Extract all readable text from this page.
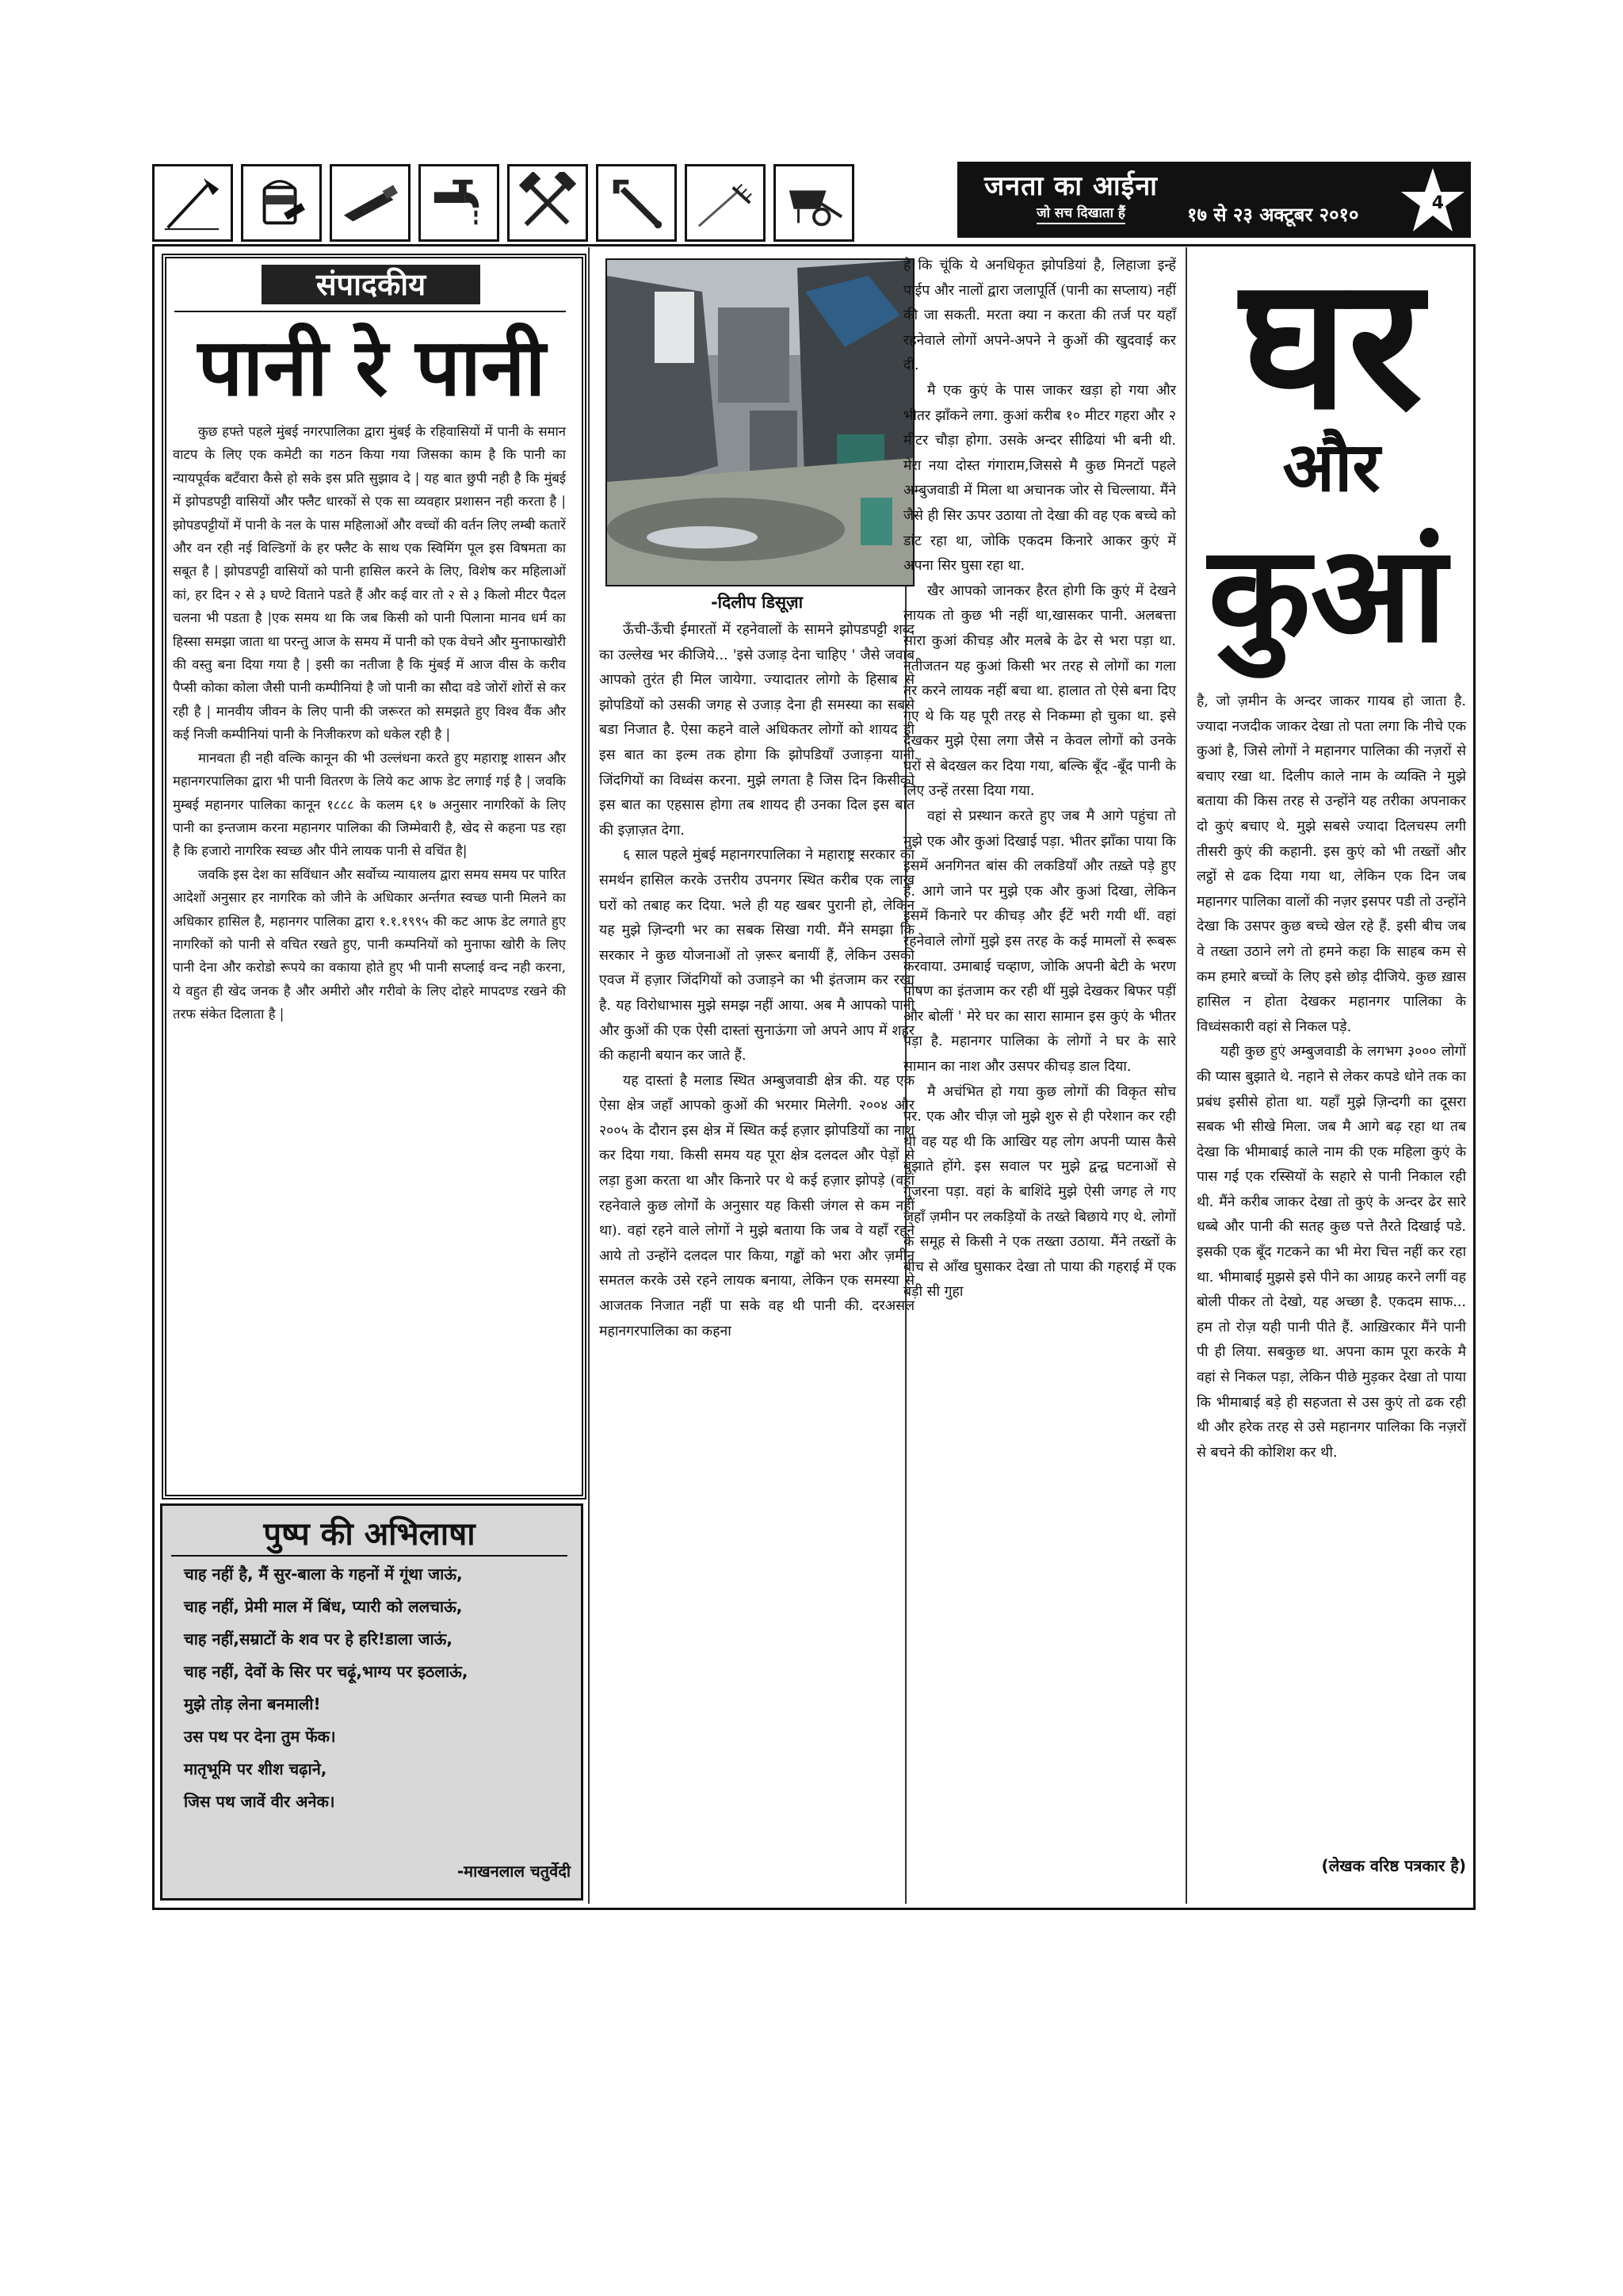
जनता का आईना
जो सच दिखाता हैं	१७ से २३ अक्टूबर २०१०
4
संपादकीय
पानी रे पानी

कुछ हफ्ते पहले मुंबई नगरपालिका द्वारा मुंबई के रहिवासियों में पानी के समान वाटप के लिए एक कमेटी का गठन किया गया जिसका काम है कि पानी का न्यायपूर्वक बटँवारा कैसे हो सके इस प्रति सुझाव दे | यह बात छुपी नही है कि मुंबई में झोपडपट्टी वासियों और फ्लैट धारकों से एक सा व्यवहार प्रशासन नही करता है | झोपडपट्टीयों में पानी के नल के पास महिलाओं और वच्चों की वर्तन लिए लम्बी कतारें और वन रही नई विल्डिगों के हर फ्लैट के साथ एक स्विमिंग पूल इस विषमता का सबूत है | झोपडपट्टी वासियों को पानी हासिल करने के लिए, विशेष कर महिलाओं कां, हर दिन २ से ३ घण्टे विताने पडते हैं और कई वार तो २ से ३ किलो मीटर पैदल चलना भी पडता है |एक समय था कि जब किसी को पानी पिलाना मानव धर्म का हिस्सा समझा जाता था परन्तु आज के समय में पानी को एक वेचने और मुनाफाखोरी की वस्तु बना दिया गया है | इसी का नतीजा है कि मुंबई में आज वीस के करीव पैप्सी कोका कोला जैसी पानी कम्पीनियां है जो पानी का सौदा वडे जोरों शोरों से कर रही है | मानवीय जीवन के लिए पानी की जरूरत को समझते हुए विश्व वैंक और कई निजी कम्पीनियां पानी के निजीकरण को धकेल रही है |

मानवता ही नही वल्कि कानून की भी उल्लंधना करते हुए महाराष्ट्र शासन और महानगरपालिका द्वारा भी पानी वितरण के लिये कट आफ डेट लगाई गई है | जवकि मुम्बई महानगर पालिका कानून १८८८ के कलम ६१ ७ अनुसार नागरिकों के लिए पानी का इन्तजाम करना महानगर पालिका की जिम्मेवारी है, खेद से कहना पड रहा है कि हजारो नागरिक स्वच्छ और पीने लायक पानी से वचिंत है|

जवकि इस देश का सविंधान और सर्वोच्य न्यायालय द्वारा समय समय पर पारित आदेशों अनुसार हर नागरिक को जीने के अधिकार अर्न्तगत स्वच्छ पानी मिलने का अधिकार हासिल है, महानगर पालिका द्वारा १.१.१९९५ की कट आफ डेट लगाते हुए नागरिकों को पानी से वचित रखते हुए, पानी कम्पनियों को मुनाफा खोरी के लिए पानी देना और करोडो रूपये का वकाया होते हुए भी पानी सप्लाई वन्द नही करना, ये वहुत ही खेद जनक है और अमीरो और गरीवो के लिए दोहरे मापदण्ड रखने की तरफ संकेत दिलाता है |

पुष्प की अभिलाषा
चाह नहीं है, मैं सुर-बाला के गहनों में गूंथा जाऊं,
चाह नहीं, प्रेमी माल में बिंध, प्यारी को ललचाऊं,
चाह नहीं,सम्राटों के शव पर हे हरि!डाला जाऊं,
चाह नहीं, देवों के सिर पर चढ़ूं,भाग्य पर इठलाऊं,
मुझे तोड़ लेना बनमाली!
उस पथ पर देना तुम फेंक।
मातृभूमि पर शीश चढ़ाने,
जिस पथ जावें वीर अनेक।
-माखनलाल चतुर्वेदी
-दिलीप डिसूज़ा

ऊँची-ऊँची ईमारतों में रहनेवालों के सामने झोपडपट्टी शब्द का उल्लेख भर कीजिये... 'इसे उजाड़ देना चाहिए ' जैसे जवाब आपको तुरंत ही मिल जायेगा. ज्यादातर लोगो के हिसाब से झोपडियों को उसकी जगह से उजाड़ देना ही समस्या का सबसे बडा निजात है. ऐसा कहने वाले अधिकतर लोगों को शायद ही इस बात का इल्म तक होगा कि झोपडियाँ उजाड़ना यानी जिंदगियों का विध्वंस करना. मुझे लगता है जिस दिन किसीको इस बात का एहसास होगा तब शायद ही उनका दिल इस बात की इज़ाज़त देगा.

६ साल पहले मुंबई महानगरपालिका ने महाराष्ट्र सरकार का समर्थन हासिल करके उत्तरीय उपनगर स्थित करीब एक लाख घरों को तबाह कर दिया. भले ही यह खबर पुरानी हो, लेकिन यह मुझे ज़िन्दगी भर का सबक सिखा गयी. मैंने समझा कि सरकार ने कुछ योजनाओं तो ज़रूर बनायीं हैं, लेकिन उसकी एवज में हज़ार जिंदगियों को उजाड़ने का भी इंतजाम कर रखा है. यह विरोधाभास मुझे समझ नहीं आया. अब मै आपको पानी और कुओं की एक ऐसी दास्तां सुनाऊंगा जो अपने आप में शहर की कहानी बयान कर जाते हैं.

यह दास्तां है मलाड स्थित अम्बुजवाडी क्षेत्र की. यह एक ऐसा क्षेत्र जहाँ आपको कुओं की भरमार मिलेगी. २००४ और २००५ के दौरान इस क्षेत्र में स्थित कई हज़ार झोपडियों का नाश कर दिया गया. किसी समय यह पूरा क्षेत्र दलदल और पेड़ों से लड़ा हुआ करता था और किनारे पर थे कई हज़ार झोपड़े (वहां रहनेवाले कुछ लोगोंं के अनुसार यह किसी जंगल से कम नहीं था). वहां रहने वाले लोगों ने मुझे बताया कि जब वे यहाँ रहने आये तो उन्होंने दलदल पार किया, गड्ढों को भरा और ज़मीन समतल करके उसे रहने लायक बनाया, लेकिन एक समस्या से आजतक निजात नहीं पा सके वह थी पानी की. दरअसल महानगरपालिका का कहना

है कि चूंकि ये अनधिकृत झोपडियां है, लिहाजा इन्हें पाईप और नालों द्वारा जलापूर्ति (पानी का सप्लाय) नहीं की जा सकती. मरता क्या न करता की तर्ज पर यहाँ रहनेवाले लोगों अपने-अपने ने कुओं की खुदवाई कर दी.

मै एक कुएं के पास जाकर खड़ा हो गया और भीतर झाँकने लगा. कुआं करीब १० मीटर गहरा और २ मीटर चौड़ा होगा. उसके अन्दर सीढियां भी बनी थी. मेरा नया दोस्त गंगाराम,जिससे मै कुछ मिनटों पहले अम्बुजवाडी में मिला था अचानक जोर से चिल्लाया. मैंने जैसे ही सिर ऊपर उठाया तो देखा की वह एक बच्चे को डांट रहा था, जोकि एकदम किनारे आकर कुएं में अपना सिर घुसा रहा था.

खैर आपको जानकर हैरत होगी कि कुएं में देखने लायक तो कुछ भी नहीं था,खासकर पानी. अलबत्ता सारा कुआं कीचड़ और मलबे के ढेर से भरा पड़ा था. नतीजतन यह कुआं किसी भर तरह से लोगों का गला तर करने लायक नहीं बचा था. हालात तो ऐसे बना दिए गए थे कि यह पूरी तरह से निकम्मा हो चुका था. इसे देखकर मुझे ऐसा लगा जैसे न केवल लोगों को उनके घरों से बेदखल कर दिया गया, बल्कि बूँद -बूँद पानी के लिए उन्हें तरसा दिया गया.

वहां से प्रस्थान करते हुए जब मै आगे पहुंचा तो मुझे एक और कुआं दिखाई पड़ा. भीतर झाँका पाया कि इसमें अनगिनत बांस की लकडियाँ और तख़्ते पड़े हुए हैं. आगे जाने पर मुझे एक और कुआं दिखा, लेकिन इसमें किनारे पर कीचड़ और ईंटें भरी गयी थीं. वहां रहनेवाले लोगों मुझे इस तरह के कई मामलों से रूबरू करवाया. उमाबाई चव्हाण, जोकि अपनी बेटी के भरण पोषण का इंतजाम कर रही थीं मुझे देखकर बिफर पड़ीं और बोलीं ' मेरे घर का सारा सामान इस कुएं के भीतर पड़ा है. महानगर पालिका के लोगों ने घर के सारे सामान का नाश और उसपर कीचड़ डाल दिया.

मै अचंभित हो गया कुछ लोगों की विकृत सोच पर. एक और चीज़ जो मुझे शुरु से ही परेशान कर रही थी वह यह थी कि आखिर यह लोग अपनी प्यास कैसे बुझाते होंगे. इस सवाल पर मुझे द्वन्द्व घटनाओं से गुजरना पड़ा. वहां के बाशिंदे मुझे ऐसी जगह ले गए जहाँ ज़मीन पर लकड़ियों के तख्ते बिछाये गए थे. लोगों के समूह से किसी ने एक तख्ता उठाया. मैंने तख्तों के बीच से आँख घुसाकर देखा तो पाया की गहराई में एक बड़ी सी गुहा

घर
और
कुआं

है, जो ज़मीन के अन्दर जाकर गायब हो जाता है. ज्यादा नजदीक जाकर देखा तो पता लगा कि नीचे एक कुआं है, जिसे लोगों ने महानगर पालिका की नज़रों से बचाए रखा था. दिलीप काले नाम के व्यक्ति ने मुझे बताया की किस तरह से उन्होंने यह तरीका अपनाकर दो कुएं बचाए थे. मुझे सबसे ज्यादा दिलचस्प लगी तीसरी कुएं की कहानी. इस कुएं को भी तख्तों और लट्ठों से ढक दिया गया था, लेकिन एक दिन जब महानगर पालिका वालों की नज़र इसपर पडी तो उन्होंने देखा कि उसपर कुछ बच्चे खेल रहे हैं. इसी बीच जब वे तख्ता उठाने लगे तो हमने कहा कि साहब कम से कम हमारे बच्चों के लिए इसे छोड़ दीजिये. कुछ ख़ास हासिल न होता देखकर महानगर पालिका के विध्वंसकारी वहां से निकल पड़े.

यही कुछ हुएं अम्बुजवाडी के लगभग ३००० लोगों की प्यास बुझाते थे. नहाने से लेकर कपडे धोने तक का प्रबंध इसीसे होता था. यहाँ मुझे ज़िन्दगी का दूसरा सबक भी सीखे मिला. जब मै आगे बढ़ रहा था तब देखा कि भीमाबाई काले नाम की एक महिला कुएं के पास गई एक रस्सियों के सहारे से पानी निकाल रही थी. मैंने करीब जाकर देखा तो कुएं के अन्दर ढेर सारे धब्बे और पानी की सतह कुछ पत्ते तैरते दिखाई पडे. इसकी एक बूँद गटकने का भी मेरा चित्त नहीं कर रहा था. भीमाबाई मुझसे इसे पीने का आग्रह करने लगीं वह बोली पीकर तो देखो, यह अच्छा है. एकदम साफ... हम तो रोज़ यही पानी पीते हैं. आख़िरकार मैंने पानी पी ही लिया. सबकुछ था. अपना काम पूरा करके मै वहां से निकल पड़ा, लेकिन पीछे मुड़कर देखा तो पाया कि भीमाबाई बड़े ही सहजता से उस कुएं तो ढक रही थी और हरेक तरह से उसे महानगर पालिका कि नज़रों से बचने की कोशिश कर थी.

(लेखक वरिष्ठ पत्रकार है)
